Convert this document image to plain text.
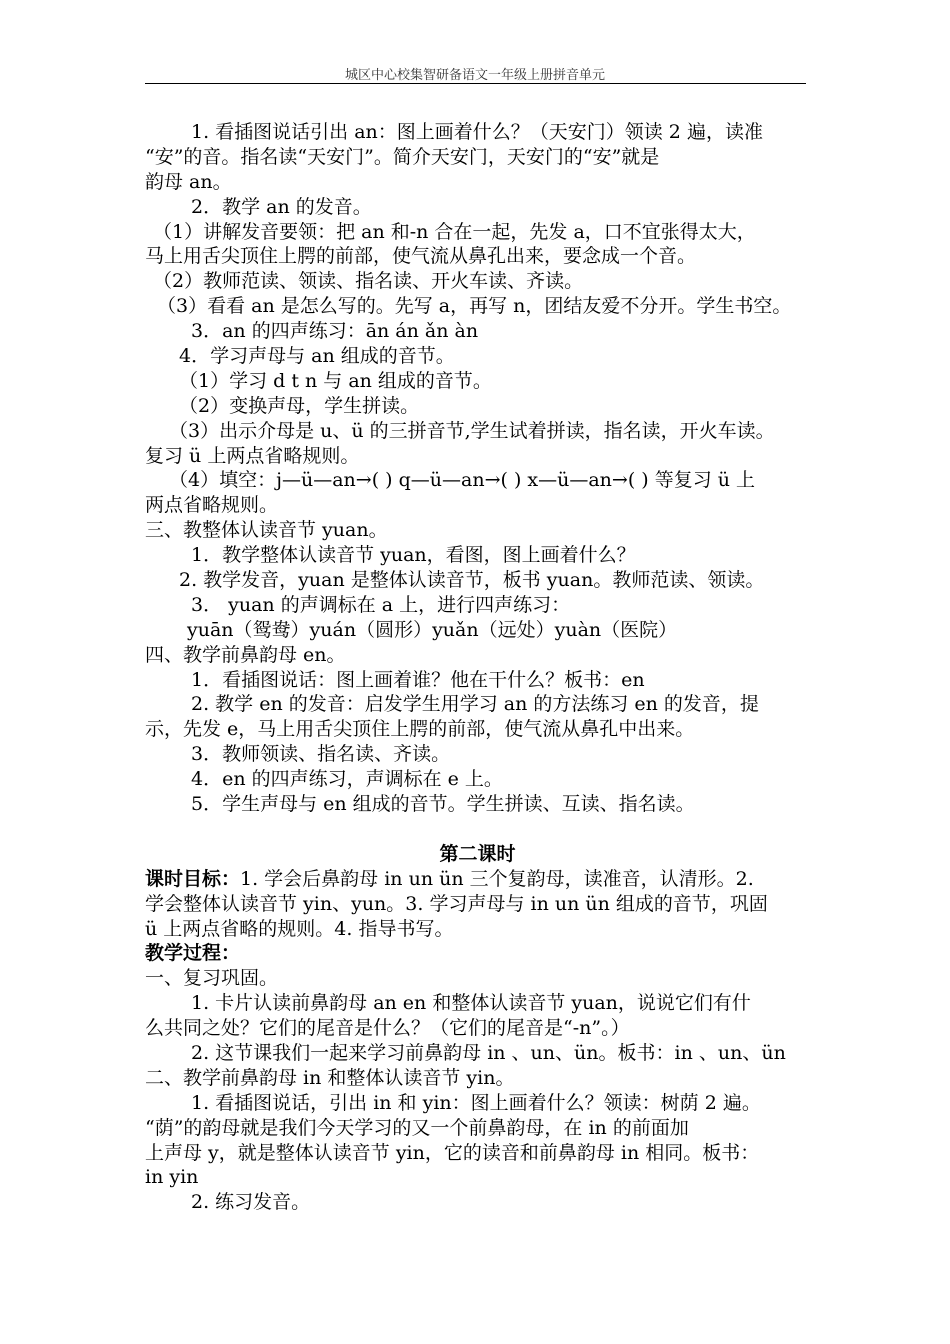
城区中心校集智研备语文一年级上册拼音单元
1. 看插图说话引出 an：图上画着什么？（天安门）领读 2 遍，读准
“安”的音。指名读“天安门”。简介天安门，天安门的“安”就是
韵母 an。
2．教学 an 的发音。
（1）讲解发音要领：把 an 和-n 合在一起，先发 a，口不宜张得太大，
马上用舌尖顶住上腭的前部，使气流从鼻孔出来，要念成一个音。
（2）教师范读、领读、指名读、开火车读、齐读。
（3）看看 an 是怎么写的。先写 a，再写 n，团结友爱不分开。学生书空。
3．an 的四声练习：ān án ǎn àn
4．学习声母与 an 组成的音节。
（1）学习 d t n 与 an 组成的音节。
（2）变换声母，学生拼读。
（3）出示介母是 u、ü 的三拼音节,学生试着拼读，指名读，开火车读。
复习 ü 上两点省略规则。
（4）填空：j—ü—an→( ) q—ü—an→( ) x—ü—an→( ) 等复习 ü 上
两点省略规则。
三、教整体认读音节 yuan。
1．教学整体认读音节 yuan，看图，图上画着什么？
2. 教学发音，yuan 是整体认读音节，板书 yuan。教师范读、领读。
3． yuan 的声调标在 a 上，进行四声练习：
yuān（鸳鸯）yuán（圆形）yuǎn（远处）yuàn（医院）
四、教学前鼻韵母 en。
1．看插图说话：图上画着谁？他在干什么？板书：en
2. 教学 en 的发音：启发学生用学习 an 的方法练习 en 的发音，提
示，先发 e，马上用舌尖顶住上腭的前部，使气流从鼻孔中出来。
3．教师领读、指名读、齐读。
4．en 的四声练习，声调标在 e 上。
5．学生声母与 en 组成的音节。学生拼读、互读、指名读。
第二课时
课时目标：1. 学会后鼻韵母 in un ün 三个复韵母，读准音，认清形。2.
学会整体认读音节 yin、yun。3. 学习声母与 in un ün 组成的音节，巩固
ü 上两点省略的规则。4. 指导书写。
教学过程：
一、复习巩固。
1. 卡片认读前鼻韵母 an en 和整体认读音节 yuan，说说它们有什
么共同之处？它们的尾音是什么？（它们的尾音是“-n”。）
2. 这节课我们一起来学习前鼻韵母 in 、un、ün。板书：in 、un、ün
二、教学前鼻韵母 in 和整体认读音节 yin。
1. 看插图说话，引出 in 和 yin：图上画着什么？领读：树荫 2 遍。
“荫”的韵母就是我们今天学习的又一个前鼻韵母，在 in 的前面加
上声母 y，就是整体认读音节 yin，它的读音和前鼻韵母 in 相同。板书：
in yin
2. 练习发音。
